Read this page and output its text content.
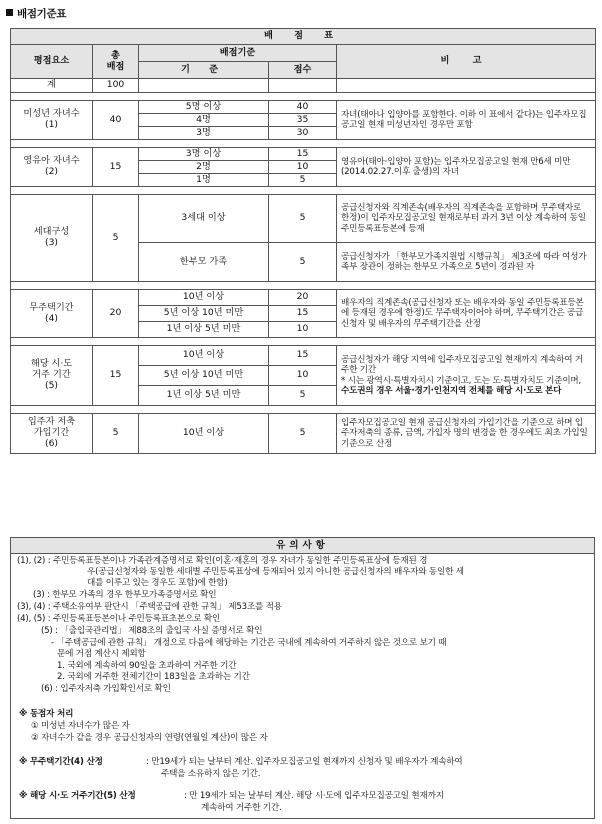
배점기준표
배 점 표				
평점요소	총
배점	배점기준		비 고
		기 준	점수	
계	100			

미성년 자녀수
(1)	40	5명 이상	40	자녀(태아나 입양아를 포함한다. 이하 이 표에서 같다)는 입주자모집공고일 현재 미성년자인 경우만 포함
		4명	35	
		3명	30	

영유아 자녀수
(2)	15	3명 이상	15	영유아(태아·입양아 포함)는 입주자모집공고일 현재 만6세 미만(2014.02.27.이후 출생)의 자녀
		2명	10	
		1명	5	

세대구성
(3)	5	3세대 이상	5	공급신청자와 직계존속(배우자의 직계존속을 포함하며 무주택자로 한정)이 입주자모집공고일 현재로부터 과거 3년 이상 계속하여 동일 주민등록표등본에 등재
		한부모 가족	5	공급신청자가 「한부모가족지원법 시행규칙」 제3조에 따라 여성가족부 장관이 정하는 한부모 가족으로 5년이 경과된 자

무주택기간
(4)	20	10년 이상	20	배우자의 직계존속(공급신청자 또는 배우자와 동일 주민등록표등본에 등재된 경우에 한정)도 무주택자이어야 하며, 무주택기간은 공급신청자 및 배우자의 무주택기간을 산정
		5년 이상 10년 미만	15	
		1년 이상 5년 미만	10	

해당 시·도
거주 기간
(5)	15	10년 이상	15	공급신청자가 해당 지역에 입주자모집공고일 현재까지 계속하여 거주한 기간
* 시는 광역시·특별자치시 기준이고, 도는 도·특별자치도 기준이며, 수도권의 경우 서울·경기·인천지역 전체를 해당 시·도로 본다
		5년 이상 10년 미만	10	
		1년 이상 5년 미만	5	

입주자 저축
가입기간
(6)	5	10년 이상	5	입주자모집공고일 현재 공급신청자의 가입기간을 기준으로 하며 입주자저축의 종류, 금액, 가입자 명의 변경을 한 경우에도 최초 가입일 기준으로 산정
유의사항
(1), (2) : 주민등록표등본이나 가족관계증명서로 확인(이혼·재혼의 경우 자녀가 동일한 주민등록표상에 등재된 경
우(공급신청자와 동일한 세대별 주민등록표상에 등재되어 있지 아니한 공급신청자의 배우자와 동일한 세
대를 이루고 있는 경우도 포함)에 한함)
(3) : 한부모 가족의 경우 한부모가족증명서로 확인
(3), (4) : 주택소유여부 판단시 「주택공급에 관한 규칙」 제53조를 적용
(4), (5) : 주민등록표등본이나 주민등록표초본으로 확인
(5) : 「출입국관리법」 제88조의 출입국 사실 증명서로 확인
- 「주택공급에 관한 규칙」 개정으로 다음에 해당하는 기간은 국내에 계속하여 거주하지 않은 것으로 보기 때
문에 거점 계산시 제외함
1. 국외에 계속하여 90일을 초과하여 거주한 기간
2. 국외에 거주한 전체기간이 183일을 초과하는 기간
(6) : 입주자저축 가입확인서로 확인
※ 동점자 처리
① 미성년 자녀수가 많은 자
② 자녀수가 같을 경우 공급신청자의 연령(연월일 계산)이 많은 자
※ 무주택기간(4) 산정	: 만19세가 되는 날부터 계산. 입주자모집공고일 현재까지 신청자 및 배우자가 계속하여
주택을 소유하지 않은 기간.
※ 해당 시·도 거주기간(5) 산정	: 만 19세가 되는 날부터 계산. 해당 시·도에 입주자모집공고일 현재까지
계속하여 거주한 기간.
